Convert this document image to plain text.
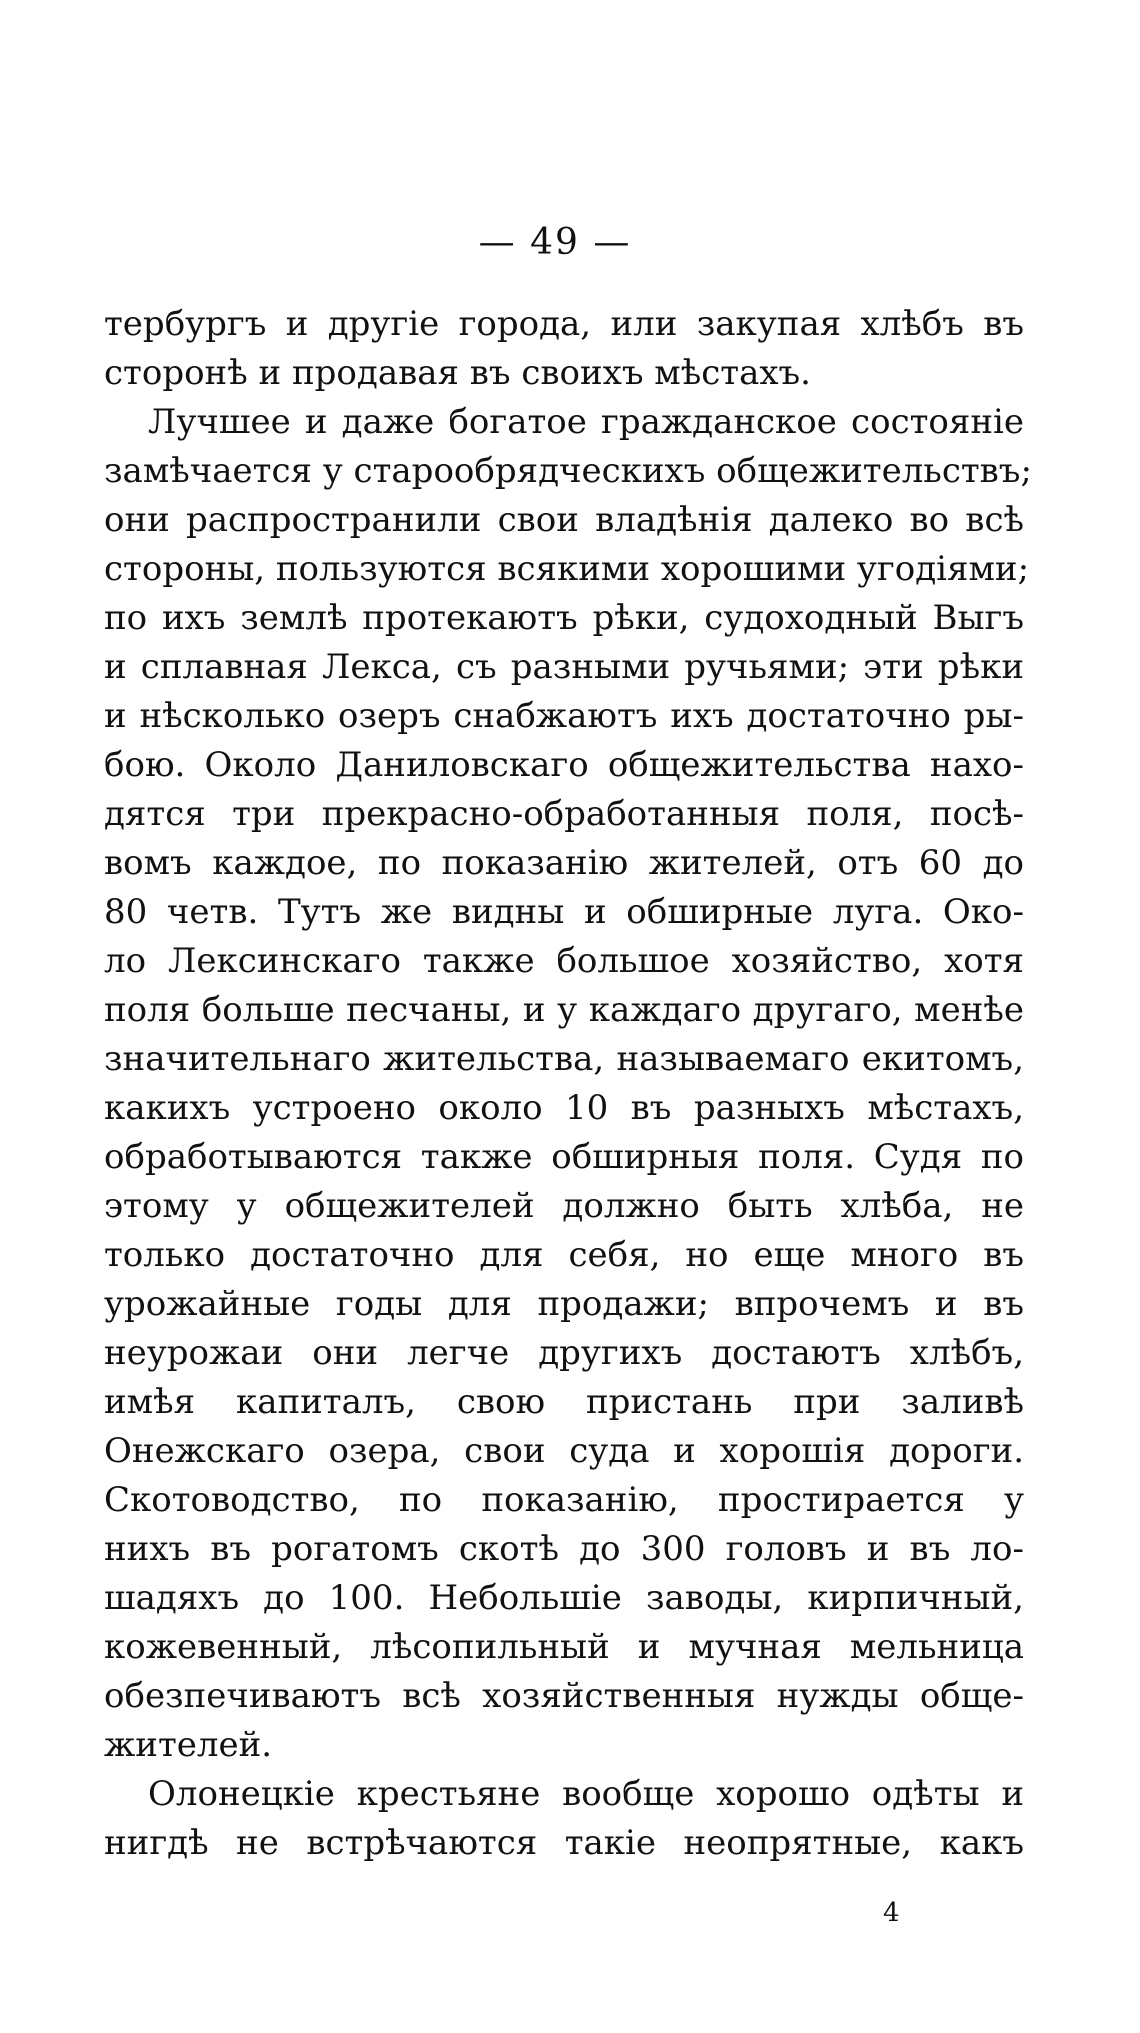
— 49 —
тербургъ и другіе города, или закупая хлѣбъ въ
сторонѣ и продавая въ своихъ мѣстахъ.
Лучшее и даже богатое гражданское состояніе
замѣчается у старообрядческихъ общежительствъ;
они распространили свои владѣнія далеко во всѣ
стороны, пользуются всякими хорошими угодіями;
по ихъ землѣ протекаютъ рѣки, судоходный Выгъ
и сплавная Лекса, съ разными ручьями; эти рѣки
и нѣсколько озеръ снабжаютъ ихъ достаточно ры-
бою. Около Даниловскаго общежительства нахо-
дятся три прекрасно-обработанныя поля, посѣ-
вомъ каждое, по показанію жителей, отъ 60 до
80 четв. Тутъ же видны и обширные луга. Око-
ло Лексинскаго также большое хозяйство, хотя
поля больше песчаны, и у каждаго другаго, менѣе
значительнаго жительства, называемаго екитомъ,
какихъ устроено около 10 въ разныхъ мѣстахъ,
обработываются также обширныя поля. Судя по
этому у общежителей должно быть хлѣба, не
только достаточно для себя, но еще много въ
урожайные годы для продажи; впрочемъ и въ
неурожаи они легче другихъ достаютъ хлѣбъ,
имѣя капиталъ, свою пристань при заливѣ
Онежскаго озера, свои суда и хорошія дороги.
Скотоводство, по показанію, простирается у
нихъ въ рогатомъ скотѣ до 300 головъ и въ ло-
шадяхъ до 100. Небольшіе заводы, кирпичный,
кожевенный, лѣсопильный и мучная мельница
обезпечиваютъ всѣ хозяйственныя нужды обще-
жителей.
Олонецкіе крестьяне вообще хорошо одѣты и
нигдѣ не встрѣчаются такіе неопрятные, какъ
4
